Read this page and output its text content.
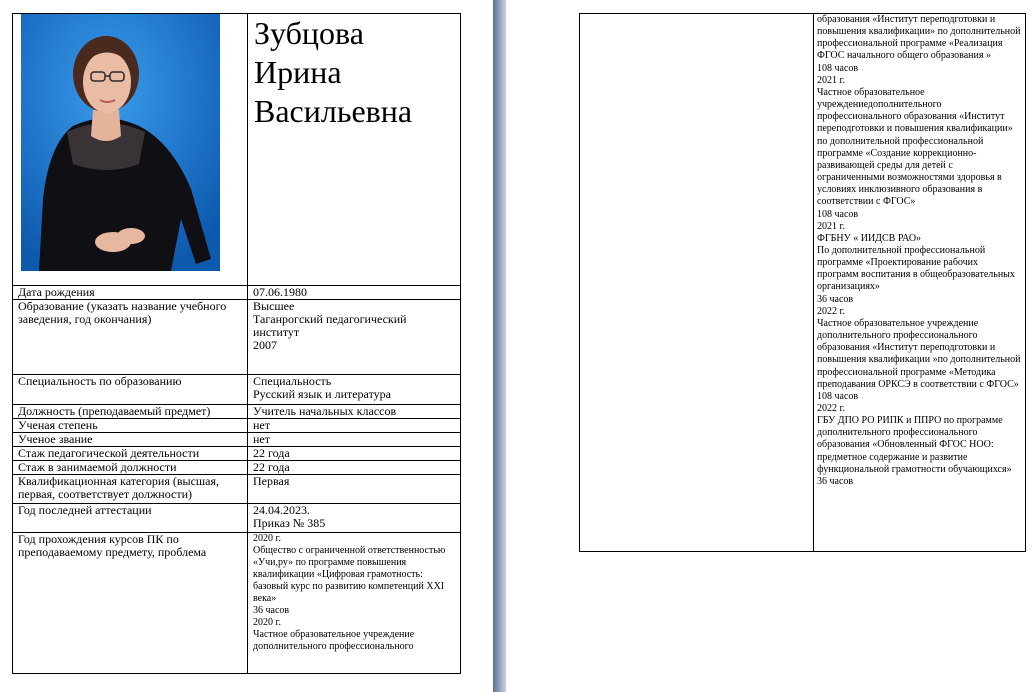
Зубцова
Ирина
Васильевна

Дата рождения	07.06.1980

Образование (указать название учебного заведения, год окончания)	Высшее
Таганрогский педагогический институт
2007

Специальность по образованию	Специальность
Русский язык и литература

Должность (преподаваемый предмет)	Учитель начальных классов

Ученая степень	нет

Ученое звание	нет

Стаж педагогической деятельности	22 года

Стаж в занимаемой должности	22 года

Квалификационная категория (высшая, первая, соответствует должности)	Первая

Год последней аттестации	24.04.2023.
Приказ № 385

Год прохождения курсов ПК по преподаваемому предмету, проблема	2020 г.
Общество с ограниченной ответственностью «Учи,ру» по программе повышения квалификации «Цифровая грамотность: базовый курс по развитию компетенций XXI века»
36 часов
2020 г.
Частное образовательное учреждение дополнительного профессионального

образования «Институт переподготовки и повышения квалификации» по дополнительной профессиональной программе «Реализация ФГОС начального общего образования »
108 часов
2021 г.
Частное образовательное учреждениедополнительного профессионального образования «Институт переподготовки и повышения квалификации» по дополнительной профессиональной программе «Создание коррекционно-развивающей среды для детей с ограниченными возможностями здоровья в условиях инклюзивного образования в соответствии с ФГОС»
108 часов
2021 г.
ФГБНУ « ИИДСВ РАО»
По дополнительной профессиональной программе «Проектирование рабочих программ воспитания в общеобразовательных организациях»
36 часов
2022 г.
Частное образовательное учреждение дополнительного профессионального образования «Институт переподготовки и повышения квалификации »по дополнительной профессиональной программе «Методика преподавания ОРКСЭ в соответствии с ФГОС»
108 часов
2022 г.
ГБУ ДПО РО РИПК и ППРО по программе дополнительного профессионального образования «Обновленный ФГОС НОО: предметное содержание и развитие функциональной грамотности обучающихся»
36 часов
